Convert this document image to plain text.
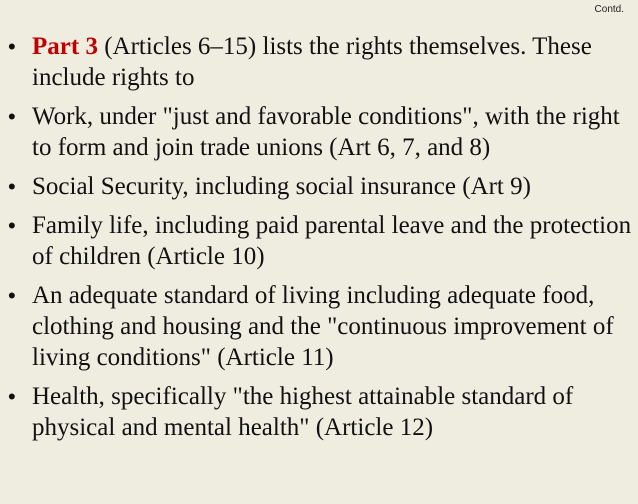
Contd.
• Part 3 (Articles 6–15) lists the rights themselves. These include rights to
• Work, under "just and favorable conditions", with the right to form and join trade unions (Art 6, 7, and 8)
• Social Security, including social insurance (Art 9)
• Family life, including paid parental leave and the protection of children (Article 10)
• An adequate standard of living including adequate food, clothing and housing and the "continuous improvement of living conditions" (Article 11)
• Health, specifically "the highest attainable standard of physical and mental health" (Article 12)
